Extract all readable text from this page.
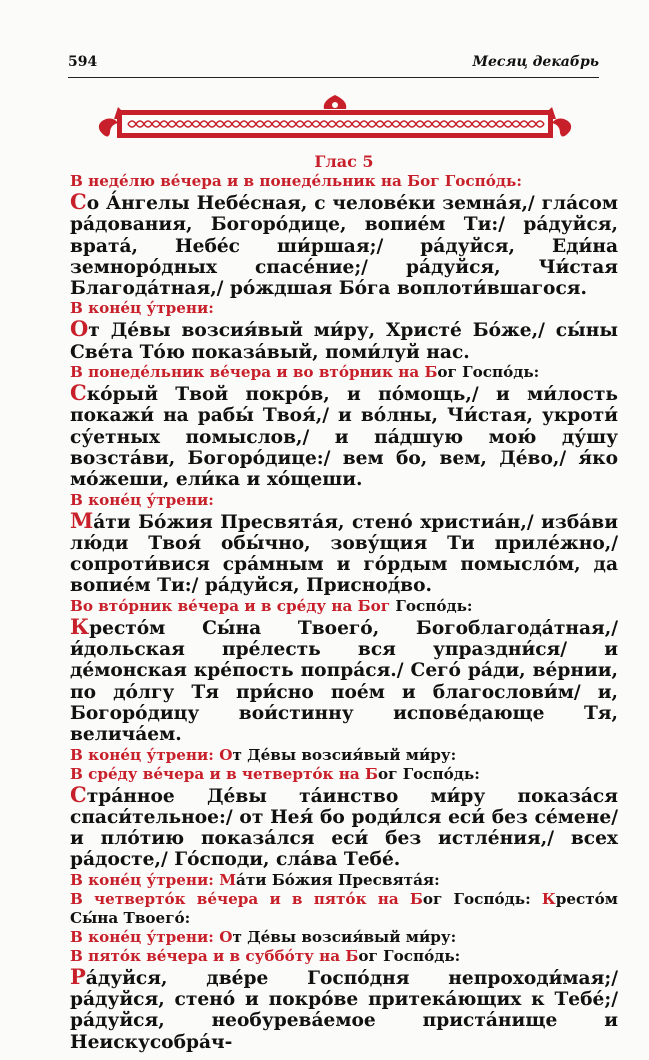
594	Месяц декабрь

Глас 5

В неде́лю ве́чера и в понеде́льник на Бог Госпо́дь:

Со А́нгелы Небе́сная, с челове́ки земна́я,/ гла́сом ра́дования, Богоро́дице, вопие́м Ти:/ ра́дуйся, врата́, Небе́с ши́ршая;/ ра́дуйся, Еди́на земноро́дных спасе́ние;/ ра́дуйся, Чи́стая Благода́тная,/ ро́ждшая Бо́га воплоти́вшагося.

В коне́ц у́трени:

От Де́вы возсия́вый ми́ру, Христе́ Бо́же,/ сы́ны Све́та То́ю показа́вый, поми́луй нас.

В понеде́льник ве́чера и во вто́рник на Бог Госпо́дь:

Ско́рый Твой покро́в, и по́мощь,/ и ми́лость покажи́ на рабы́ Твоя́,/ и во́лны, Чи́стая, укроти́ су́етных помыслов,/ и па́дшую мою́ ду́шу возста́ви, Богоро́дице:/ вем бо, вем, Де́во,/ я́ко мо́жеши, ели́ка и хо́щеши.

В коне́ц у́трени:

Ма́ти Бо́жия Пресвята́я, стено́ христиа́н,/ изба́ви лю́ди Твоя́ обы́чно, зову́щия Ти приле́жно,/ сопроти́вися сра́мным и го́рдым помысло́м, да вопие́м Ти:/ ра́дуйся, Приснод́во.

Во вто́рник ве́чера и в сре́ду на Бог Госпо́дь:

Кресто́м Сы́на Твоего́, Богоблагода́тная,/ и́дольская пре́лесть вся упраздни́ся/ и де́монская кре́пость попра́ся./ Сего́ ра́ди, ве́рнии, по до́лгу Тя при́сно пое́м и благослови́м/ и, Богоро́дицу вои́стинну испове́дающе Тя, велича́ем.

В коне́ц у́трени: От Де́вы возсия́вый ми́ру:

В сре́ду ве́чера и в четверто́к на Бог Госпо́дь:

Стра́нное Де́вы та́инство ми́ру показа́ся спаси́тельное:/ от Нея́ бо роди́лся еси́ без се́мене/ и пло́тию показа́лся еси́ без истле́ния,/ всех ра́досте,/ Го́споди, сла́ва Тебе́.

В коне́ц у́трени: Ма́ти Бо́жия Пресвята́я:

В четверто́к ве́чера и в пято́к на Бог Госпо́дь: Кресто́м Сы́на Твоего́:

В коне́ц у́трени: От Де́вы возсия́вый ми́ру:

В пято́к ве́чера и в суббо́ту на Бог Госпо́дь:

Ра́дуйся, две́ре Госпо́дня непроходи́мая;/ ра́дуйся, стено́ и покро́ве притека́ющих к Тебе́;/ ра́дуйся, необурева́емое приста́нище и Неискусобра́ч-
